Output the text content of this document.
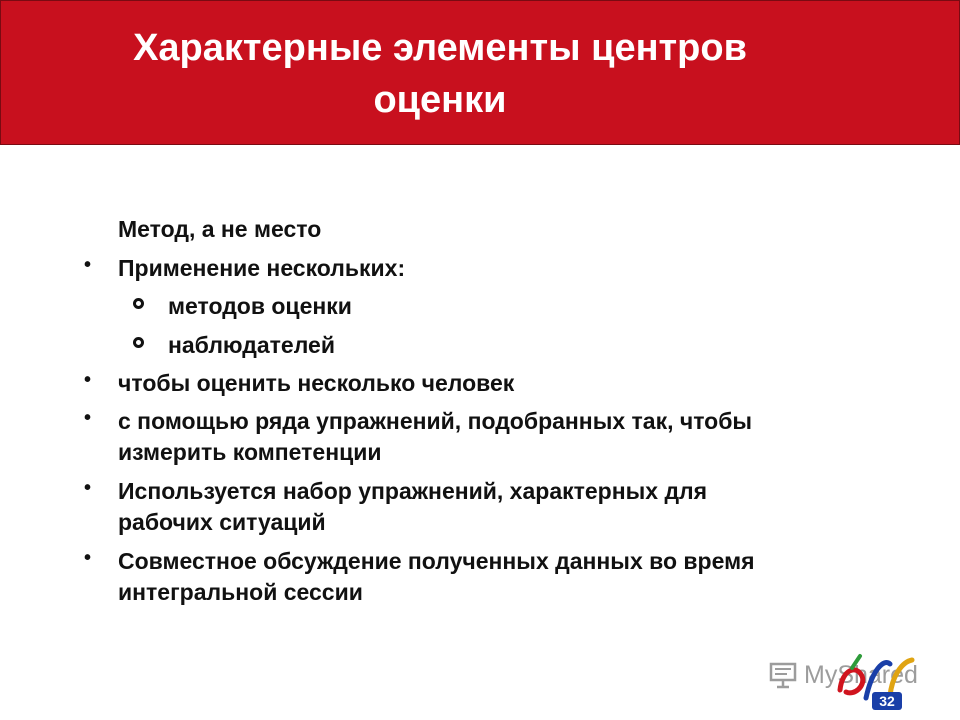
Характерные элементы центров
оценки

Метод, а не место

• Применение нескольких:

методов оценки
наблюдателей
• чтобы оценить несколько человек

• с помощью ряда упражнений, подобранных так, чтобы
измерить компетенции

• Используется набор упражнений, характерных для
рабочих ситуаций

• Совместное обсуждение полученных данных во время
интегральной сессии

MyShared
32
